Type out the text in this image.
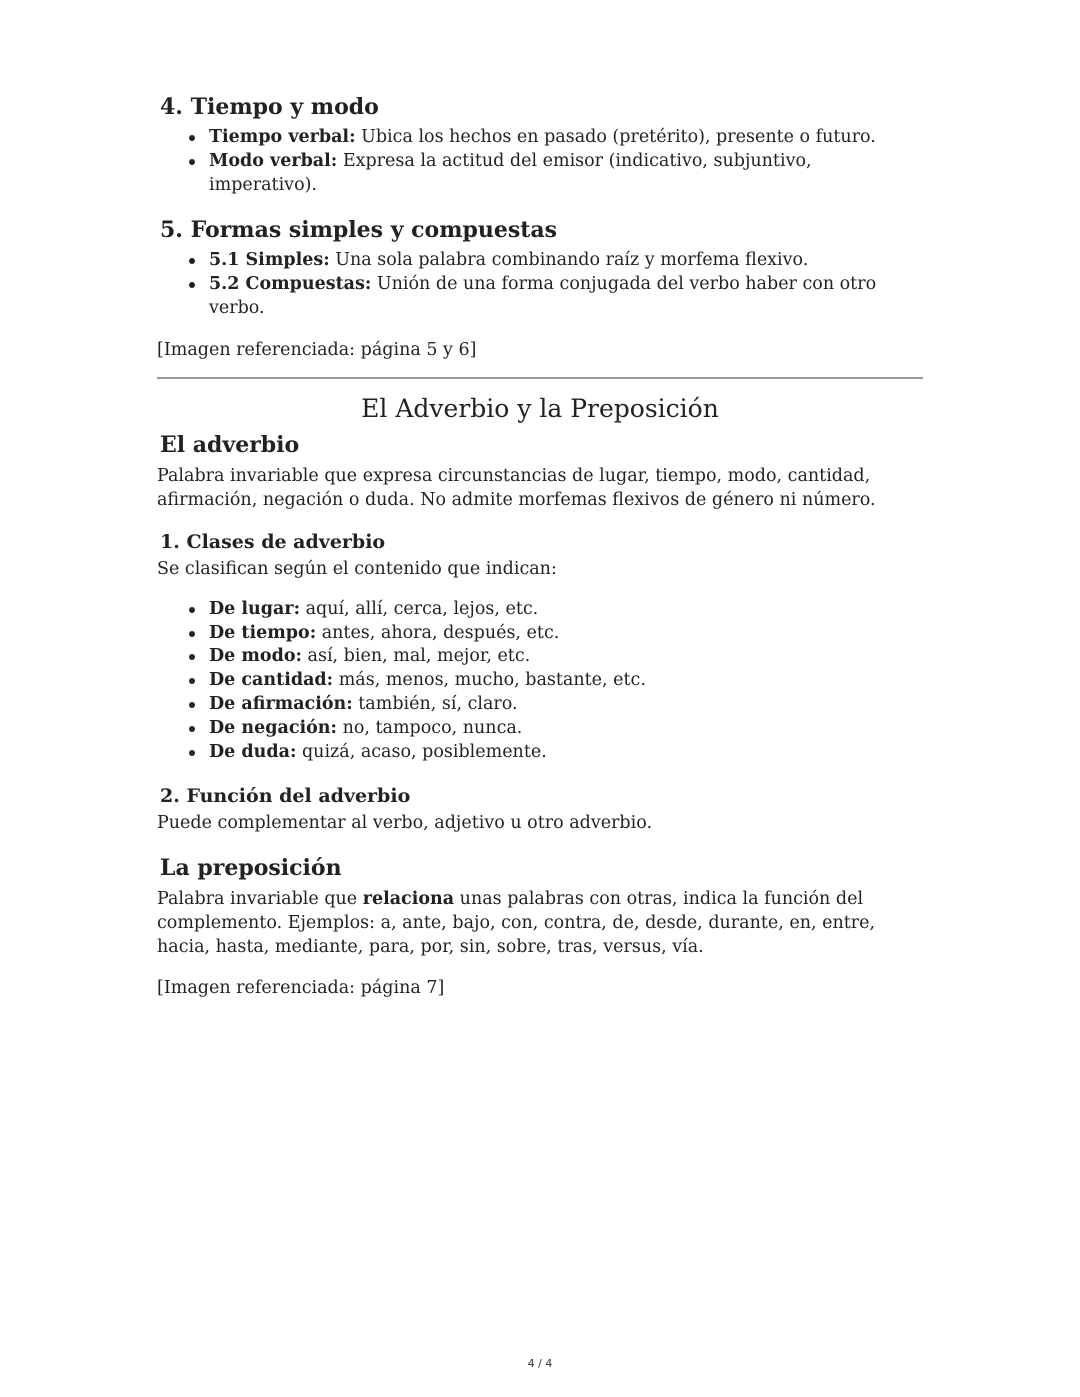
4. Tiempo y modo
Tiempo verbal: Ubica los hechos en pasado (pretérito), presente o futuro.
Modo verbal: Expresa la actitud del emisor (indicativo, subjuntivo, imperativo).
5. Formas simples y compuestas
5.1 Simples: Una sola palabra combinando raíz y morfema flexivo.
5.2 Compuestas: Unión de una forma conjugada del verbo haber con otro verbo.

[Imagen referenciada: página 5 y 6]

El Adverbio y la Preposición
El adverbio

Palabra invariable que expresa circunstancias de lugar, tiempo, modo, cantidad, afirmación, negación o duda. No admite morfemas flexivos de género ni número.

1. Clases de adverbio

Se clasifican según el contenido que indican:

De lugar: aquí, allí, cerca, lejos, etc.
De tiempo: antes, ahora, después, etc.
De modo: así, bien, mal, mejor, etc.
De cantidad: más, menos, mucho, bastante, etc.
De afirmación: también, sí, claro.
De negación: no, tampoco, nunca.
De duda: quizá, acaso, posiblemente.
2. Función del adverbio

Puede complementar al verbo, adjetivo u otro adverbio.

La preposición

Palabra invariable que relaciona unas palabras con otras, indica la función del complemento. Ejemplos: a, ante, bajo, con, contra, de, desde, durante, en, entre, hacia, hasta, mediante, para, por, sin, sobre, tras, versus, vía.

[Imagen referenciada: página 7]

4 / 4
